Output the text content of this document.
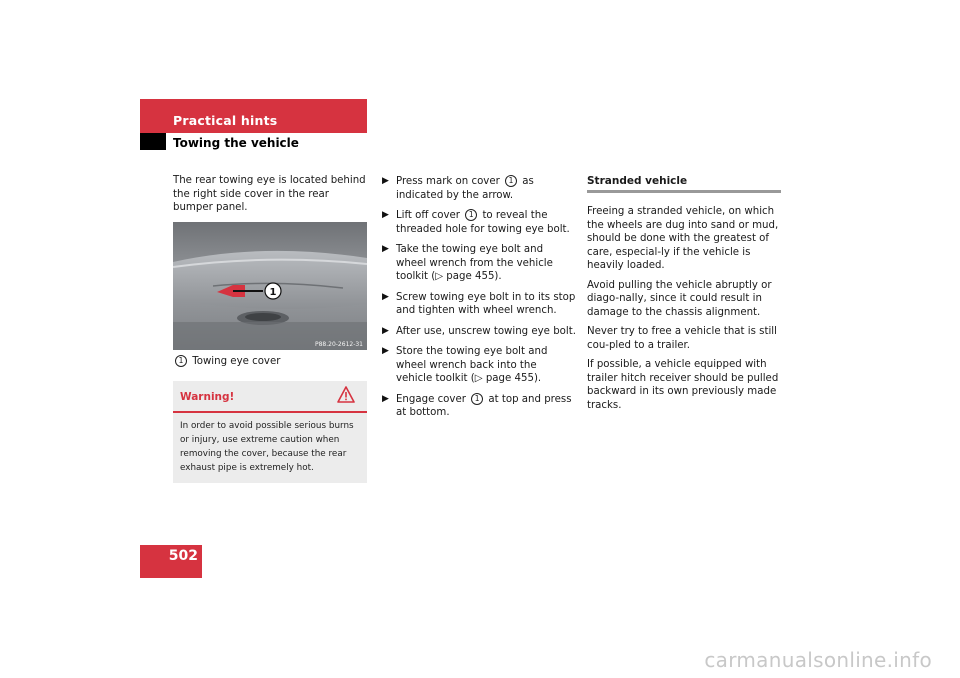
Practical hints
Towing the vehicle

The rear towing eye is located behind the right side cover in the rear bumper panel.

1
P88.20-2612-31
1 Towing eye cover
Warning!
In order to avoid possible serious burns or injury, use extreme caution when removing the cover, because the rear exhaust pipe is extremely hot.
▶ Press mark on cover 1 as indicated by the arrow.
▶ Lift off cover 1 to reveal the threaded hole for towing eye bolt.
▶ Take the towing eye bolt and wheel wrench from the vehicle toolkit (▷ page 455).
▶ Screw towing eye bolt in to its stop and tighten with wheel wrench.
▶ After use, unscrew towing eye bolt.
▶ Store the towing eye bolt and wheel wrench back into the vehicle toolkit (▷ page 455).
▶ Engage cover 1 at top and press at bottom.
Stranded vehicle

Freeing a stranded vehicle, on which the wheels are dug into sand or mud, should be done with the greatest of care, especial-ly if the vehicle is heavily loaded.

Avoid pulling the vehicle abruptly or diago-nally, since it could result in damage to the chassis alignment.

Never try to free a vehicle that is still cou-pled to a trailer.

If possible, a vehicle equipped with trailer hitch receiver should be pulled backward in its own previously made tracks.

502
carmanualsonline.info
